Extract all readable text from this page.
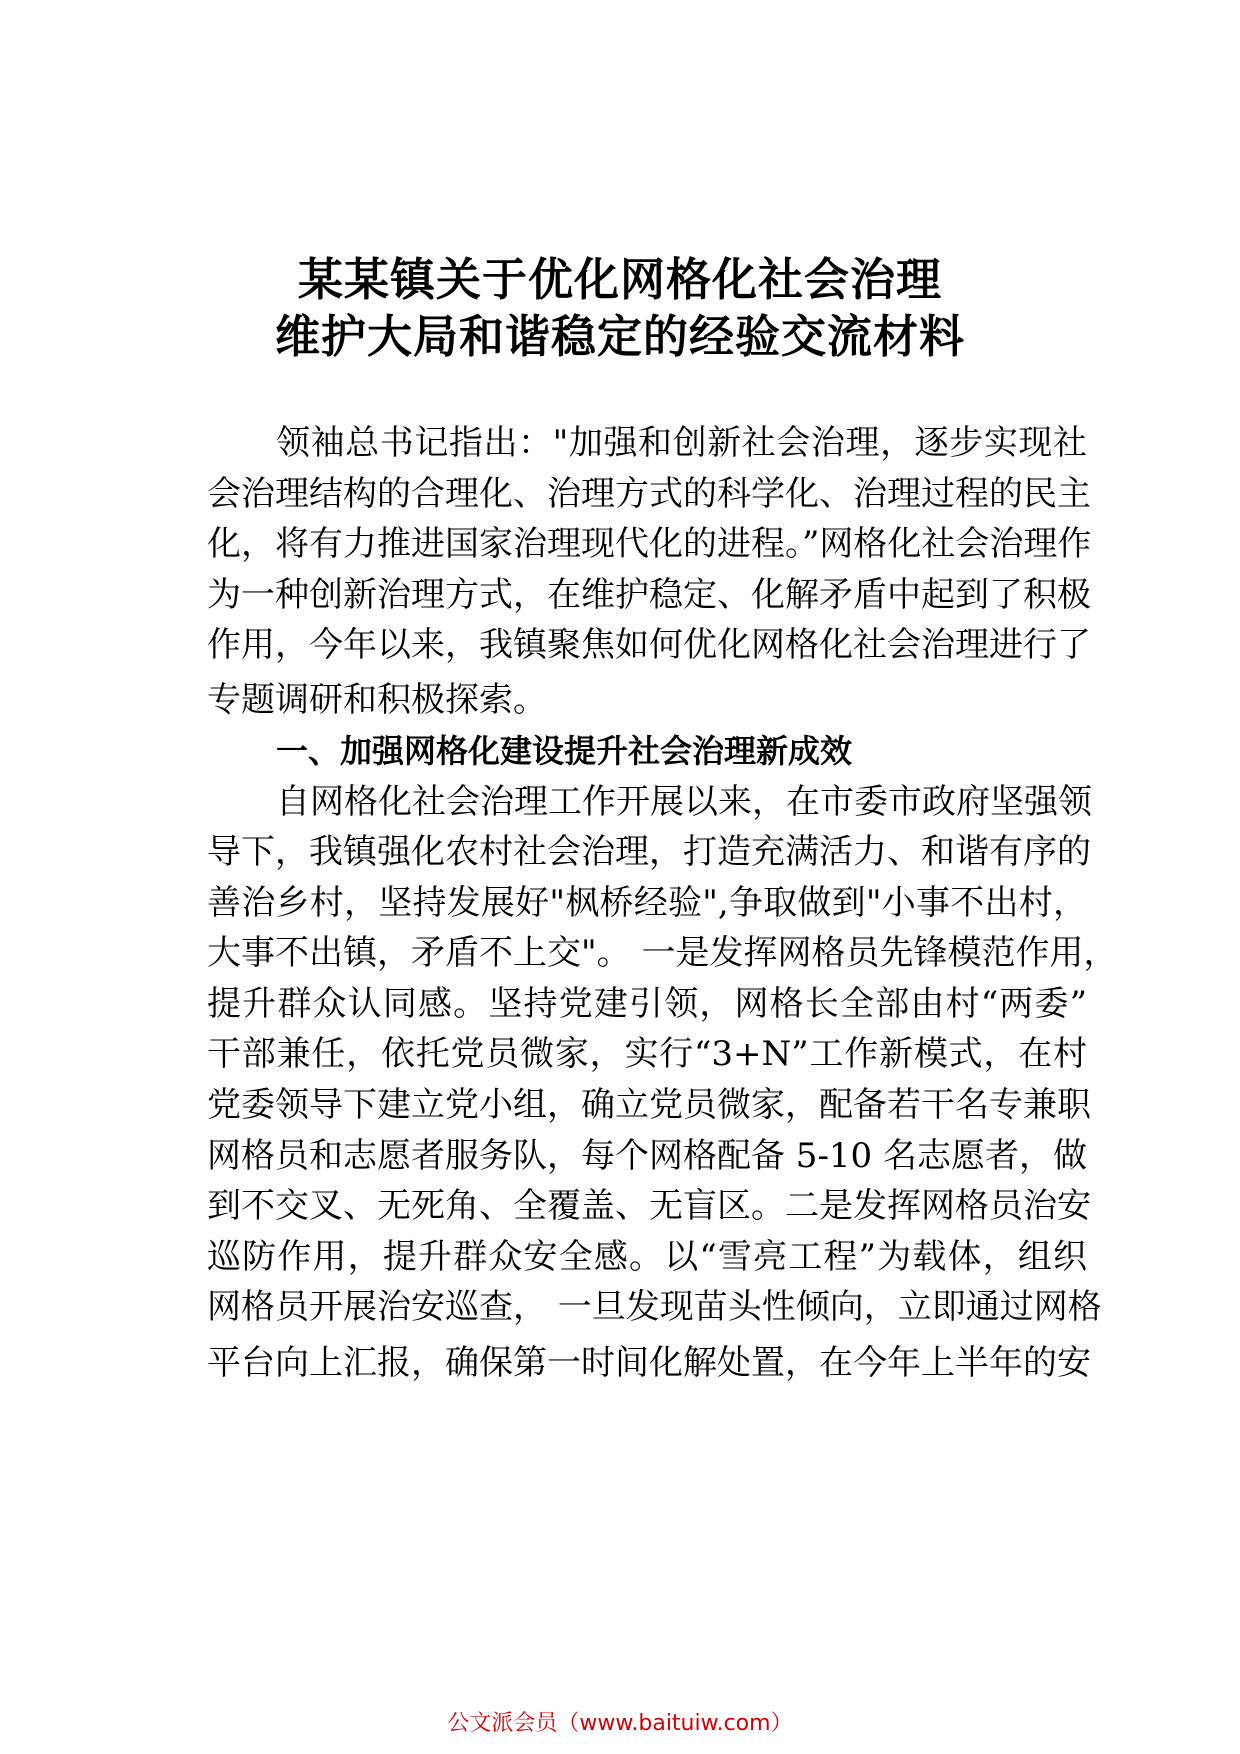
某某镇关于优化网格化社会治理
维护大局和谐稳定的经验交流材料
领袖总书记指出："加强和创新社会治理，逐步实现社
会治理结构的合理化、治理方式的科学化、治理过程的民主
化，将有力推进国家治理现代化的进程。”网格化社会治理作
为一种创新治理方式，在维护稳定、化解矛盾中起到了积极
作用，今年以来，我镇聚焦如何优化网格化社会治理进行了
专题调研和积极探索。
一、加强网格化建设提升社会治理新成效
自网格化社会治理工作开展以来，在市委市政府坚强领
导下，我镇强化农村社会治理，打造充满活力、和谐有序的
善治乡村，坚持发展好"枫桥经验",争取做到"小事不出村，
大事不出镇，矛盾不上交"。 一是发挥网格员先锋模范作用，
提升群众认同感。坚持党建引领，网格长全部由村“两委”
干部兼任，依托党员微家，实行“3+N”工作新模式，在村
党委领导下建立党小组，确立党员微家，配备若干名专兼职
网格员和志愿者服务队，每个网格配备 5-10 名志愿者，做
到不交叉、无死角、全覆盖、无盲区。二是发挥网格员治安
巡防作用，提升群众安全感。以“雪亮工程”为载体，组织
网格员开展治安巡查， 一旦发现苗头性倾向，立即通过网格
平台向上汇报，确保第一时间化解处置，在今年上半年的安
公文派会员（www.baituiw.com）
